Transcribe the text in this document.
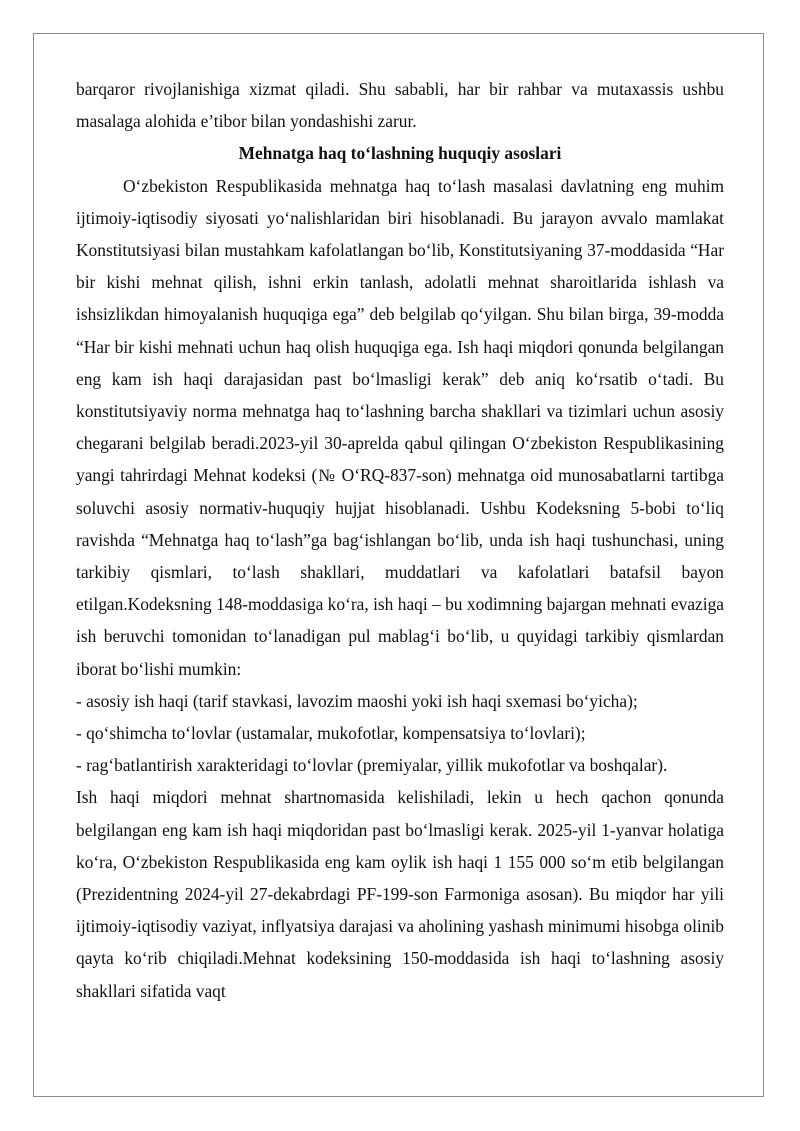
barqaror rivojlanishiga xizmat qiladi. Shu sababli, har bir rahbar va mutaxassis ushbu masalaga alohida e’tibor bilan yondashishi zarur.

Mehnatga haq to‘lashning huquqiy asoslari

O‘zbekiston Respublikasida mehnatga haq to‘lash masalasi davlatning eng muhim ijtimoiy-iqtisodiy siyosati yo‘nalishlaridan biri hisoblanadi. Bu jarayon avvalo mamlakat Konstitutsiyasi bilan mustahkam kafolatlangan bo‘lib, Konstitutsiyaning 37-moddasida “Har bir kishi mehnat qilish, ishni erkin tanlash, adolatli mehnat sharoitlarida ishlash va ishsizlikdan himoyalanish huquqiga ega” deb belgilab qo‘yilgan. Shu bilan birga, 39-modda “Har bir kishi mehnati uchun haq olish huquqiga ega. Ish haqi miqdori qonunda belgilangan eng kam ish haqi darajasidan past bo‘lmasligi kerak” deb aniq ko‘rsatib o‘tadi. Bu konstitutsiyaviy norma mehnatga haq to‘lashning barcha shakllari va tizimlari uchun asosiy chegarani belgilab beradi.2023-yil 30-aprelda qabul qilingan O‘zbekiston Respublikasining yangi tahrirdagi Mehnat kodeksi (№ O‘RQ-837-son) mehnatga oid munosabatlarni tartibga soluvchi asosiy normativ-huquqiy hujjat hisoblanadi. Ushbu Kodeksning 5-bobi to‘liq ravishda “Mehnatga haq to‘lash”ga bag‘ishlangan bo‘lib, unda ish haqi tushunchasi, uning tarkibiy qismlari, to‘lash shakllari, muddatlari va kafolatlari batafsil bayon etilgan.Kodeksning 148-moddasiga ko‘ra, ish haqi – bu xodimning bajargan mehnati evaziga ish beruvchi tomonidan to‘lanadigan pul mablag‘i bo‘lib, u quyidagi tarkibiy qismlardan iborat bo‘lishi mumkin:

- asosiy ish haqi (tarif stavkasi, lavozim maoshi yoki ish haqi sxemasi bo‘yicha);

- qo‘shimcha to‘lovlar (ustamalar, mukofotlar, kompensatsiya to‘lovlari);

- rag‘batlantirish xarakteridagi to‘lovlar (premiyalar, yillik mukofotlar va boshqalar).

Ish haqi miqdori mehnat shartnomasida kelishiladi, lekin u hech qachon qonunda belgilangan eng kam ish haqi miqdoridan past bo‘lmasligi kerak. 2025-yil 1-yanvar holatiga ko‘ra, O‘zbekiston Respublikasida eng kam oylik ish haqi 1 155 000 so‘m etib belgilangan (Prezidentning 2024-yil 27-dekabrdagi PF-199-son Farmoniga asosan). Bu miqdor har yili ijtimoiy-iqtisodiy vaziyat, inflyatsiya darajasi va aholining yashash minimumi hisobga olinib qayta ko‘rib chiqiladi.Mehnat kodeksining 150-moddasida ish haqi to‘lashning asosiy shakllari sifatida vaqt
